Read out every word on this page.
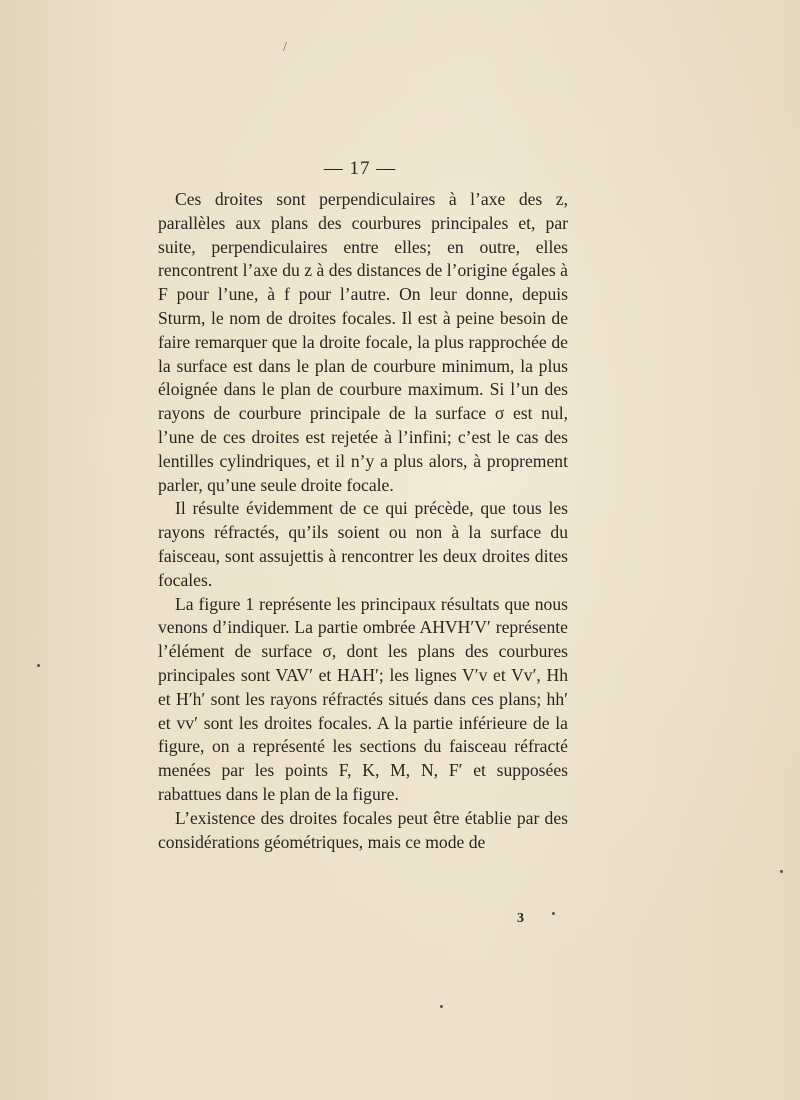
/
— 17 —

Ces droites sont perpendiculaires à l’axe des z, parallèles aux plans des courbures principales et, par suite, perpendiculaires entre elles; en outre, elles rencontrent l’axe du z à des distances de l’origine égales à F pour l’une, à f pour l’autre. On leur donne, depuis Sturm, le nom de droites focales. Il est à peine besoin de faire remarquer que la droite focale, la plus rapprochée de la surface est dans le plan de courbure minimum, la plus éloignée dans le plan de courbure maximum. Si l’un des rayons de courbure principale de la surface σ est nul, l’une de ces droites est rejetée à l’infini; c’est le cas des lentilles cylindriques, et il n’y a plus alors, à proprement parler, qu’une seule droite focale.

Il résulte évidemment de ce qui précède, que tous les rayons réfractés, qu’ils soient ou non à la surface du faisceau, sont assujettis à rencontrer les deux droites dites focales.

La figure 1 représente les principaux résultats que nous venons d’indiquer. La partie ombrée AHVH′V′ représente l’élément de surface σ, dont les plans des courbures principales sont VAV′ et HAH′; les lignes V′v et Vv′, Hh et H′h′ sont les rayons réfractés situés dans ces plans; hh′ et vv′ sont les droites focales. A la partie inférieure de la figure, on a représenté les sections du faisceau réfracté menées par les points F, K, M, N, F′ et supposées rabattues dans le plan de la figure.

L’existence des droites focales peut être établie par des considérations géométriques, mais ce mode de

3
